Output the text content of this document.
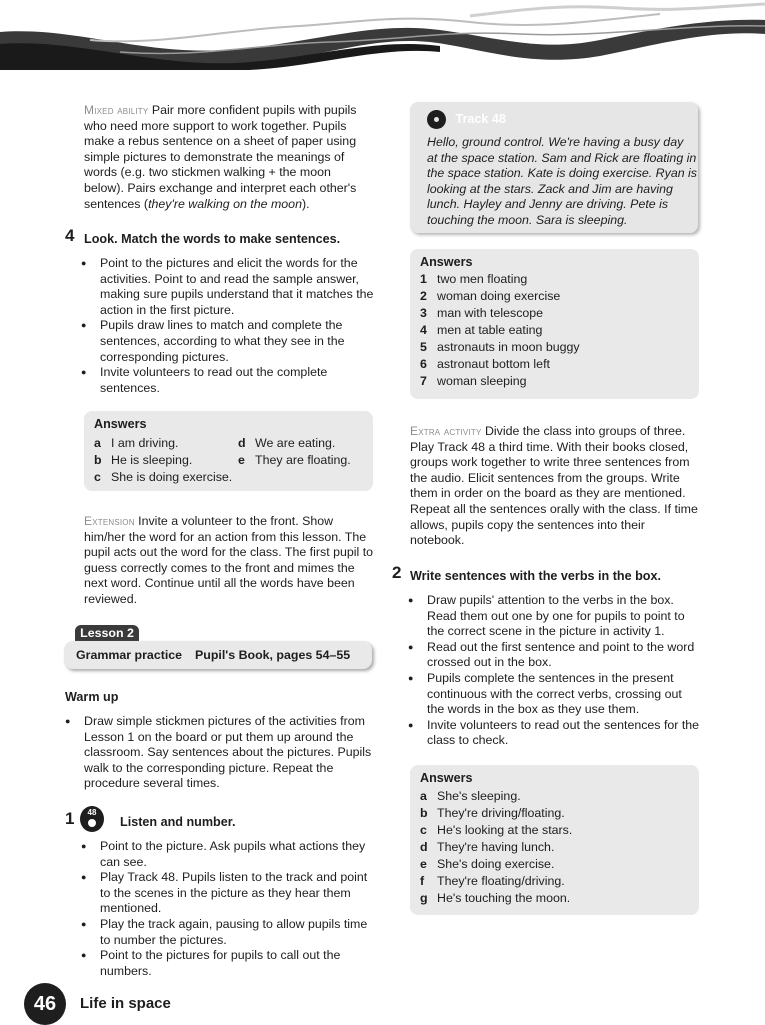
Mixed ability Pair more confident pupils with pupils who need more support to work together. Pupils make a rebus sentence on a sheet of paper using simple pictures to demonstrate the meanings of words (e.g. two stickmen walking + the moon below). Pairs exchange and interpret each other's sentences (they're walking on the moon).

4 Look. Match the words to make sentences.
● Point to the pictures and elicit the words for the activities. Point to and read the sample answer, making sure pupils understand that it matches the action in the first picture.
● Pupils draw lines to match and complete the sentences, according to what they see in the corresponding pictures.
● Invite volunteers to read out the complete sentences.
Answers
a I am driving.
b He is sleeping.
c She is doing exercise.
d We are eating.
e They are floating.

Extension Invite a volunteer to the front. Show him/her the word for an action from this lesson. The pupil acts out the word for the class. The first pupil to guess correctly comes to the front and mimes the next word. Continue until all the words have been reviewed.

Lesson 2
Grammar practice Pupil's Book, pages 54–55
Warm up
● Draw simple stickmen pictures of the activities from Lesson 1 on the board or put them up around the classroom. Say sentences about the pictures. Pupils walk to the corresponding picture. Repeat the procedure several times.
1	48
Listen and number.
● Point to the picture. Ask pupils what actions they can see.
● Play Track 48. Pupils listen to the track and point to the scenes in the picture as they hear them mentioned.
● Play the track again, pausing to allow pupils time to number the pictures.
● Point to the pictures for pupils to call out the numbers.
46	Life in space
Track 48
Hello, ground control. We're having a busy day at the space station. Sam and Rick are floating in the space station. Kate is doing exercise. Ryan is looking at the stars. Zack and Jim are having lunch. Hayley and Jenny are driving. Pete is touching the moon. Sara is sleeping.
Answers
1 two men floating
2 woman doing exercise
3 man with telescope
4 men at table eating
5 astronauts in moon buggy
6 astronaut bottom left
7 woman sleeping

Extra activity Divide the class into groups of three. Play Track 48 a third time. With their books closed, groups work together to write three sentences from the audio. Elicit sentences from the groups. Write them in order on the board as they are mentioned. Repeat all the sentences orally with the class. If time allows, pupils copy the sentences into their notebook.

2 Write sentences with the verbs in the box.
● Draw pupils' attention to the verbs in the box. Read them out one by one for pupils to point to the correct scene in the picture in activity 1.
● Read out the first sentence and point to the word crossed out in the box.
● Pupils complete the sentences in the present continuous with the correct verbs, crossing out the words in the box as they use them.
● Invite volunteers to read out the sentences for the class to check.
Answers
a She's sleeping.
b They're driving/floating.
c He's looking at the stars.
d They're having lunch.
e She's doing exercise.
f	They're floating/driving.
g He's touching the moon.
